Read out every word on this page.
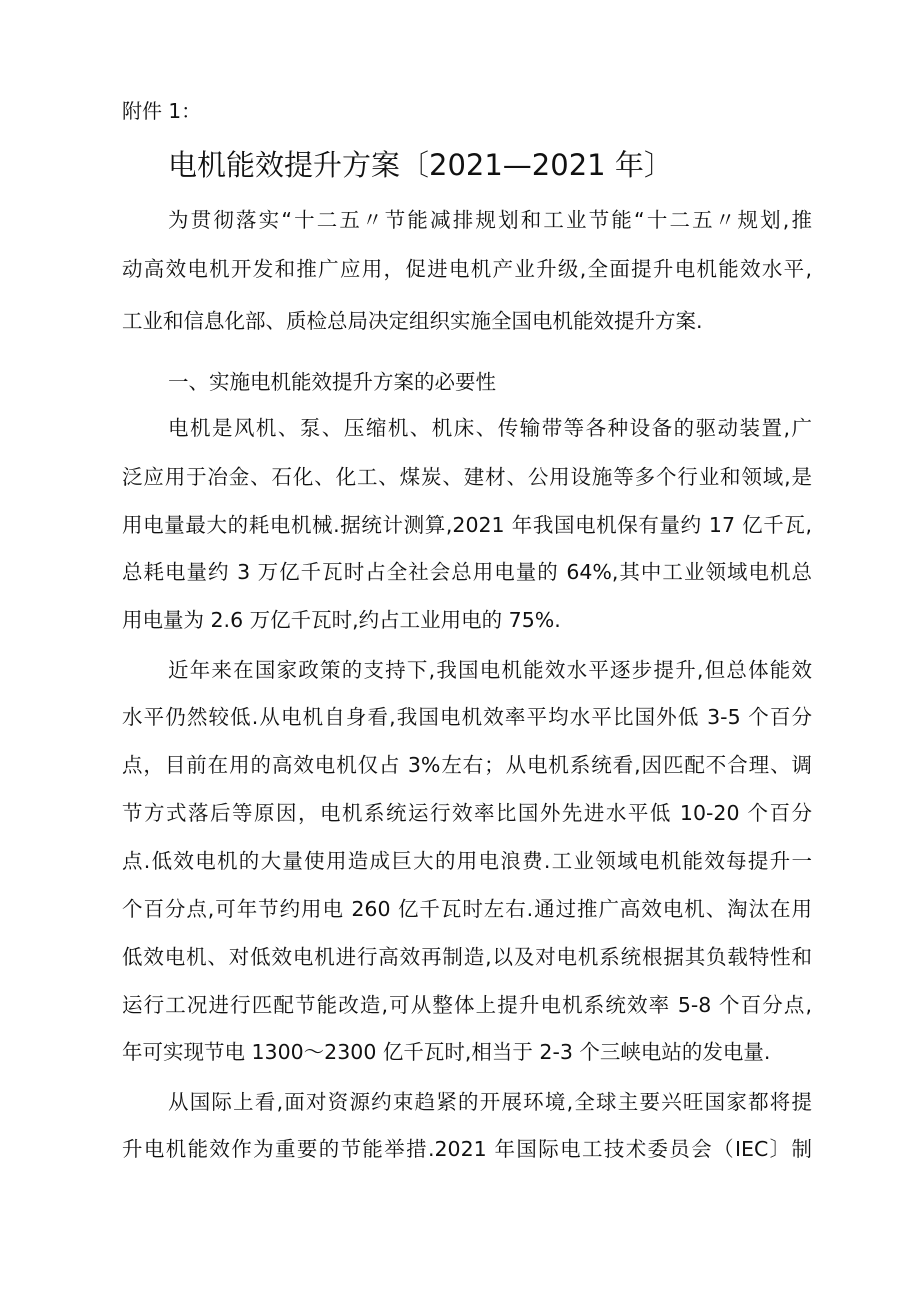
附件 1：
电机能效提升方案〔2021—2021 年〕
为贯彻落实“十二五〃节能减排规划和工业节能“十二五〃规划,推
动高效电机开发和推广应用，促进电机产业升级,全面提升电机能效水平,
工业和信息化部、质检总局决定组织实施全国电机能效提升方案.
一、实施电机能效提升方案的必要性
电机是风机、泵、压缩机、机床、传输带等各种设备的驱动装置,广
泛应用于冶金、石化、化工、煤炭、建材、公用设施等多个行业和领域,是
用电量最大的耗电机械.据统计测算,2021 年我国电机保有量约 17 亿千瓦,
总耗电量约 3 万亿千瓦时占全社会总用电量的 64%,其中工业领域电机总
用电量为 2.6 万亿千瓦时,约占工业用电的 75%.
近年来在国家政策的支持下,我国电机能效水平逐步提升,但总体能效
水平仍然较低.从电机自身看,我国电机效率平均水平比国外低 3-5 个百分
点，目前在用的高效电机仅占 3%左右；从电机系统看,因匹配不合理、调
节方式落后等原因，电机系统运行效率比国外先进水平低 10-20 个百分
点.低效电机的大量使用造成巨大的用电浪费.工业领域电机能效每提升一
个百分点,可年节约用电 260 亿千瓦时左右.通过推广高效电机、淘汰在用
低效电机、对低效电机进行高效再制造,以及对电机系统根据其负载特性和
运行工况进行匹配节能改造,可从整体上提升电机系统效率 5-8 个百分点,
年可实现节电 1300～2300 亿千瓦时,相当于 2-3 个三峡电站的发电量.
从国际上看,面对资源约束趋紧的开展环境,全球主要兴旺国家都将提
升电机能效作为重要的节能举措.2021 年国际电工技术委员会（IEC〕制
